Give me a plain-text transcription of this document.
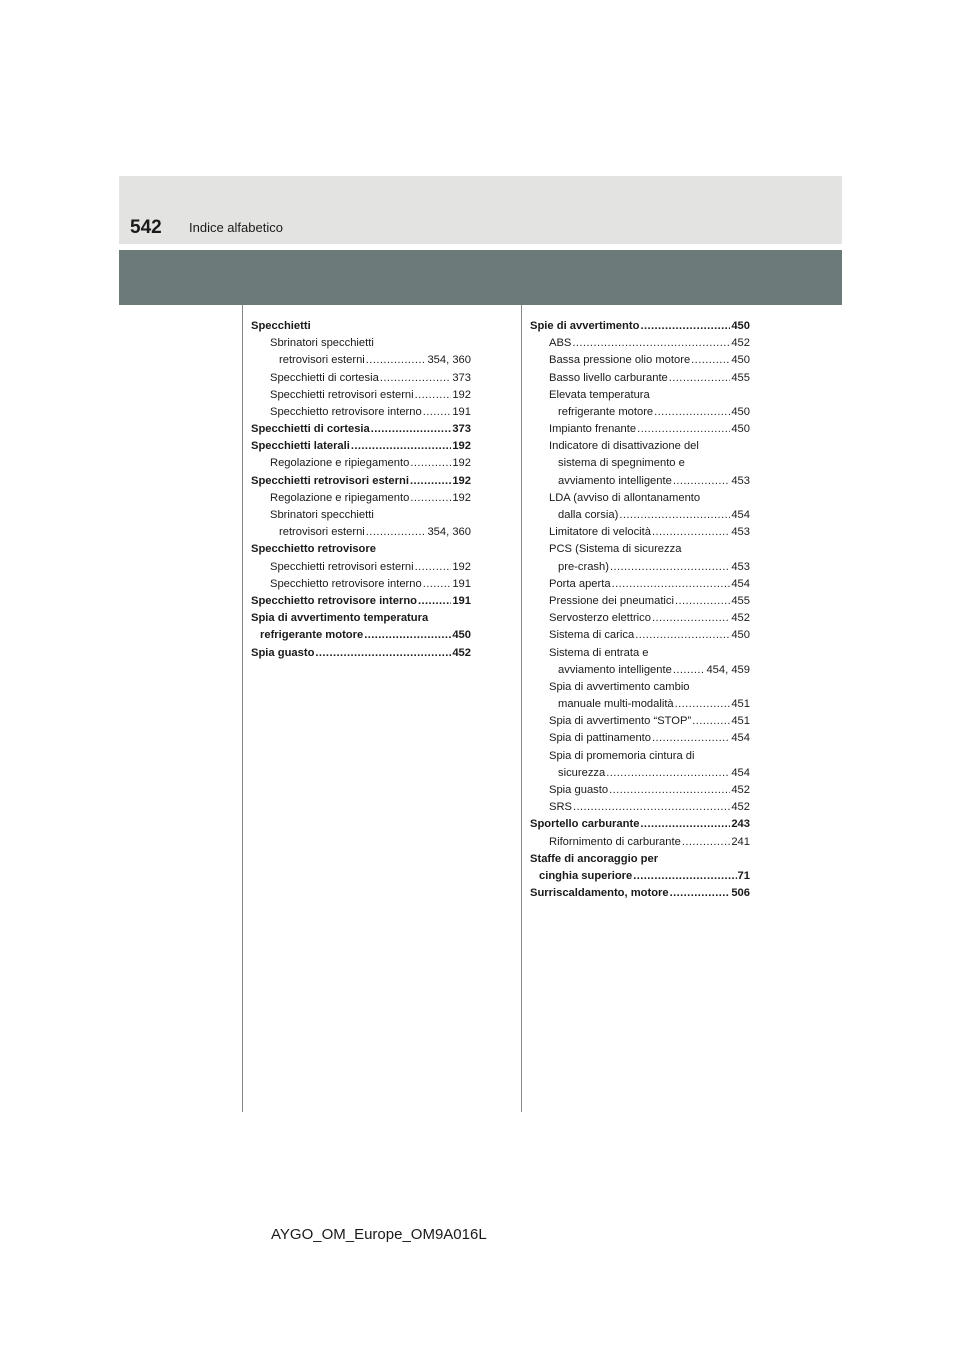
542 Indice alfabetico
Specchietti
Sbrinatori specchietti
retrovisori esterni .....	354, 360
Specchietti di cortesia .....	373
Specchietti retrovisori esterni .....	192
Specchietto retrovisore interno .....	191
Specchietti di cortesia .....	373
Specchietti laterali .....	192
Regolazione e ripiegamento .....	192
Specchietti retrovisori esterni .....	192
Regolazione e ripiegamento .....	192
Sbrinatori specchietti
retrovisori esterni .....	354, 360
Specchietto retrovisore
Specchietti retrovisori esterni .....	192
Specchietto retrovisore interno .....	191
Specchietto retrovisore interno .....	191
Spia di avvertimento temperatura
refrigerante motore .....	450
Spia guasto .....	452
Spie di avvertimento .....	450
ABS .....	452
Bassa pressione olio motore .....	450
Basso livello carburante .....	455
Elevata temperatura
refrigerante motore .....	450
Impianto frenante .....	450
Indicatore di disattivazione del
sistema di spegnimento e
avviamento intelligente .....	453
LDA (avviso di allontanamento
dalla corsia) .....	454
Limitatore di velocità .....	453
PCS (Sistema di sicurezza
pre-crash) .....	453
Porta aperta .....	454
Pressione dei pneumatici .....	455
Servosterzo elettrico .....	452
Sistema di carica .....	450
Sistema di entrata e
avviamento intelligente .....	454, 459
Spia di avvertimento cambio
manuale multi-modalità .....	451
Spia di avvertimento “STOP” .....	451
Spia di pattinamento .....	454
Spia di promemoria cintura di
sicurezza .....	454
Spia guasto .....	452
SRS .....	452
Sportello carburante .....	243
Rifornimento di carburante .....	241
Staffe di ancoraggio per
cinghia superiore .....	71
Surriscaldamento, motore .....	506
AYGO_OM_Europe_OM9A016L
